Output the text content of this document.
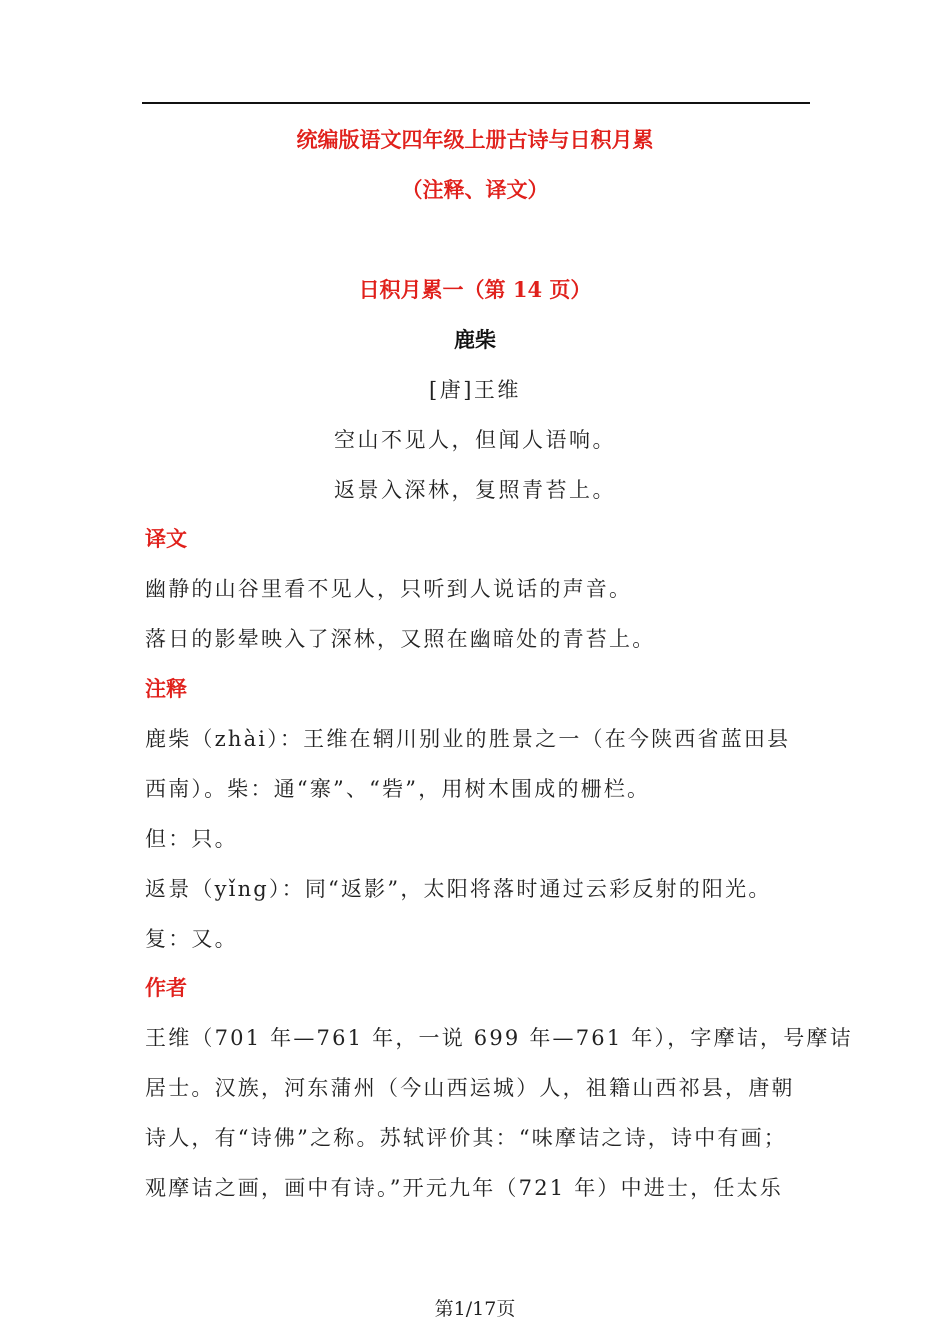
统编版语文四年级上册古诗与日积月累
（注释、译文）
日积月累一（第 14 页）
鹿柴
[唐]王维
空山不见人，但闻人语响。
返景入深林，复照青苔上。
译文
幽静的山谷里看不见人，只听到人说话的声音。
落日的影晕映入了深林，又照在幽暗处的青苔上。
注释
鹿柴（zhài）：王维在辋川别业的胜景之一（在今陕西省蓝田县
西南）。柴：通“寨”、“砦”，用树木围成的栅栏。
但：只。
返景（yǐng）：同“返影”，太阳将落时通过云彩反射的阳光。
复：又。
作者
王维（701 年—761 年，一说 699 年—761 年），字摩诘，号摩诘
居士。汉族，河东蒲州（今山西运城）人，祖籍山西祁县，唐朝
诗人，有“诗佛”之称。苏轼评价其：“味摩诘之诗，诗中有画；
观摩诘之画，画中有诗。”开元九年（721 年）中进士，任太乐
第1/17页
